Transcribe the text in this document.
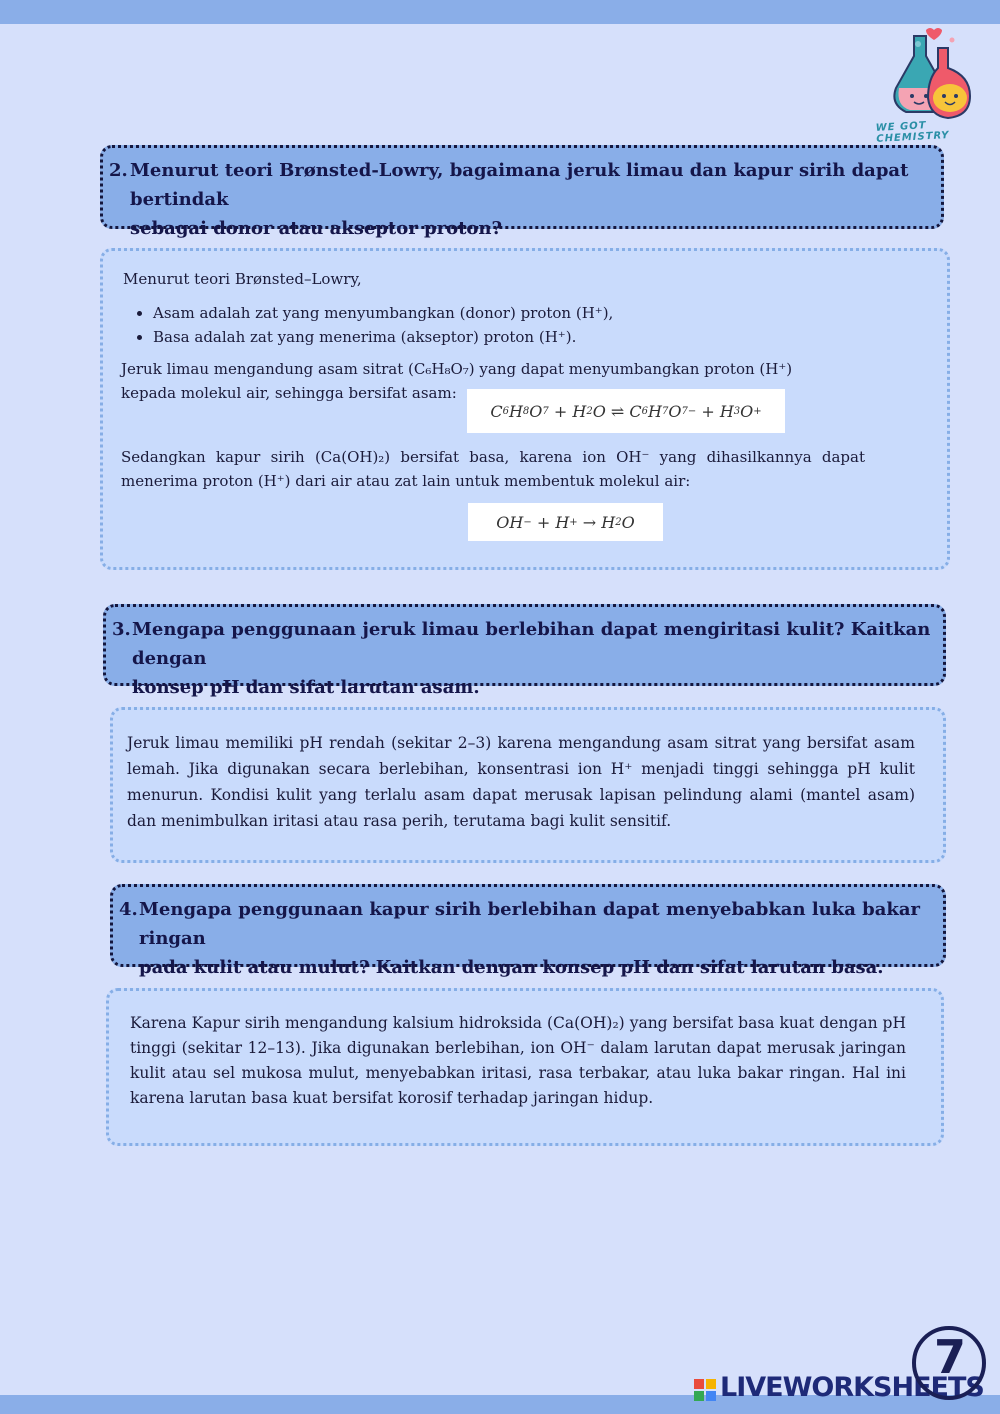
WE GOT CHEMISTRY
2. Menurut teori Brønsted-Lowry, bagaimana jeruk limau dan kapur sirih dapat bertindak
sebagai donor atau akseptor proton?
Menurut teori Brønsted–Lowry,
• Asam adalah zat yang menyumbangkan (donor) proton (H⁺),
• Basa adalah zat yang menerima (akseptor) proton (H⁺).
Jeruk limau mengandung asam sitrat (C₆H₈O₇) yang dapat menyumbangkan proton (H⁺)
kepada molekul air, sehingga bersifat asam:
Sedangkan kapur sirih (Ca(OH)₂) bersifat basa, karena ion OH⁻ yang dihasilkannya dapat menerima proton (H⁺) dari air atau zat lain untuk membentuk molekul air:
C 6 H 8 O 7 + H 2 O ⇌ C 6 H 7 O 7 − + H 3 O +
OH − + H + → H 2 O
3. Mengapa penggunaan jeruk limau berlebihan dapat mengiritasi kulit? Kaitkan dengan
konsep pH dan sifat larutan asam.
Jeruk limau memiliki pH rendah (sekitar 2–3) karena mengandung asam sitrat yang bersifat asam lemah. Jika digunakan secara berlebihan, konsentrasi ion H⁺ menjadi tinggi sehingga pH kulit menurun. Kondisi kulit yang terlalu asam dapat merusak lapisan pelindung alami (mantel asam) dan menimbulkan iritasi atau rasa perih, terutama bagi kulit sensitif.
4. Mengapa penggunaan kapur sirih berlebihan dapat menyebabkan luka bakar ringan
pada kulit atau mulut? Kaitkan dengan konsep pH dan sifat larutan basa.
Karena Kapur sirih mengandung kalsium hidroksida (Ca(OH)₂) yang bersifat basa kuat dengan pH tinggi (sekitar 12–13). Jika digunakan berlebihan, ion OH⁻ dalam larutan dapat merusak jaringan kulit atau sel mukosa mulut, menyebabkan iritasi, rasa terbakar, atau luka bakar ringan. Hal ini karena larutan basa kuat bersifat korosif terhadap jaringan hidup.
LIVEWORKSHEETS
7
